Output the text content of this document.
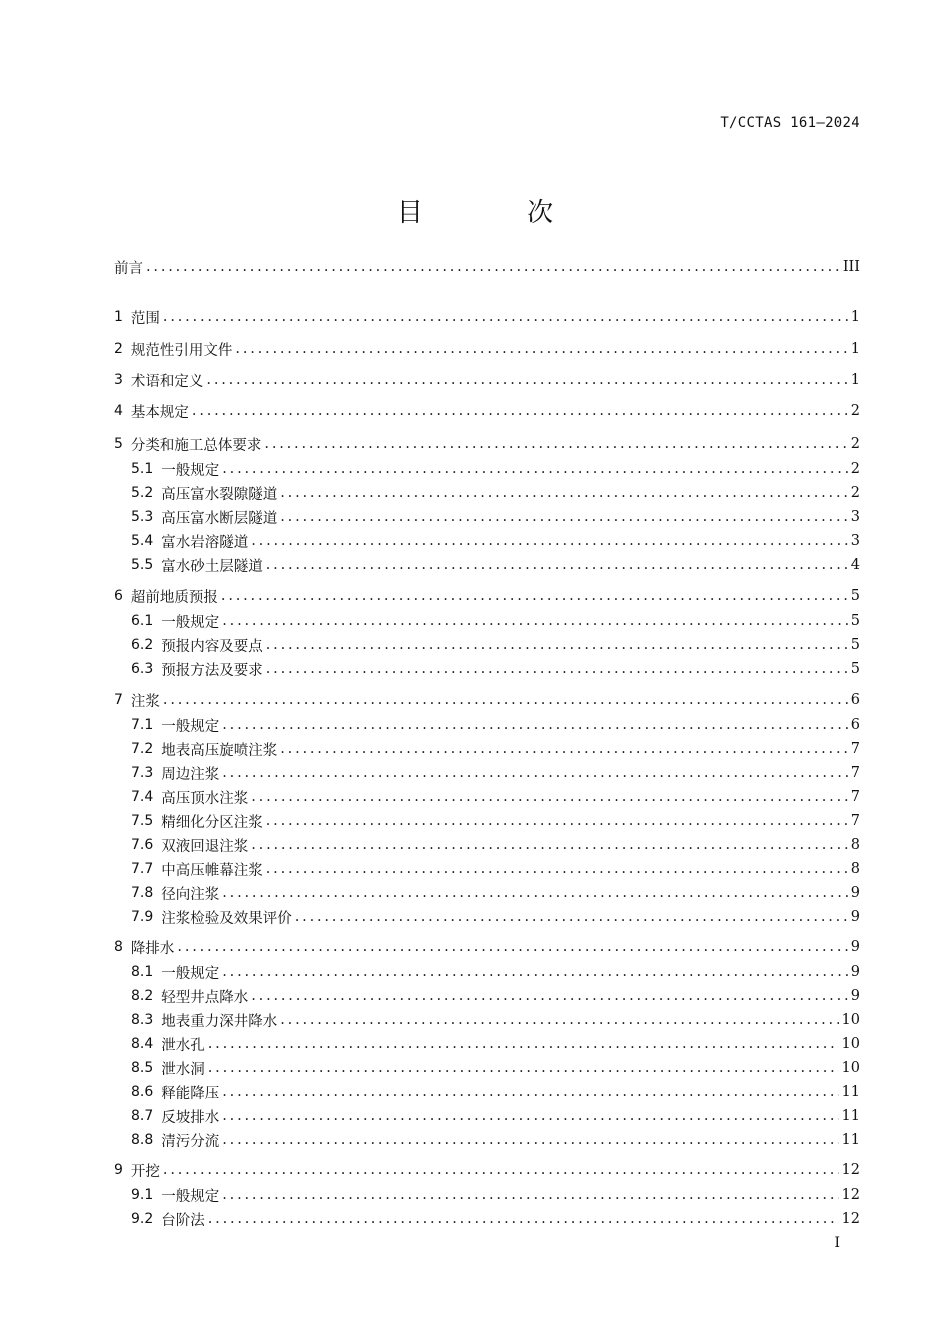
T/CCTAS 161—2024
目 次
前言 .....	III
1 范围 .....	1
2 规范性引用文件 .....	1
3 术语和定义 .....	1
4 基本规定 .....	2
5 分类和施工总体要求 .....	2
5.1 一般规定 .....	2
5.2 高压富水裂隙隧道 .....	2
5.3 高压富水断层隧道 .....	3
5.4 富水岩溶隧道 .....	3
5.5 富水砂土层隧道 .....	4
6 超前地质预报 .....	5
6.1 一般规定 .....	5
6.2 预报内容及要点 .....	5
6.3 预报方法及要求 .....	5
7 注浆 .....	6
7.1 一般规定 .....	6
7.2 地表高压旋喷注浆 .....	7
7.3 周边注浆 .....	7
7.4 高压顶水注浆 .....	7
7.5 精细化分区注浆 .....	7
7.6 双液回退注浆 .....	8
7.7 中高压帷幕注浆 .....	8
7.8 径向注浆 .....	9
7.9 注浆检验及效果评价 .....	9
8 降排水 .....	9
8.1 一般规定 .....	9
8.2 轻型井点降水 .....	9
8.3 地表重力深井降水 .....	10
8.4 泄水孔 .....	10
8.5 泄水洞 .....	10
8.6 释能降压 .....	11
8.7 反坡排水 .....	11
8.8 清污分流 .....	11
9 开挖 .....	12
9.1 一般规定 .....	12
9.2 台阶法 .....	12
I
